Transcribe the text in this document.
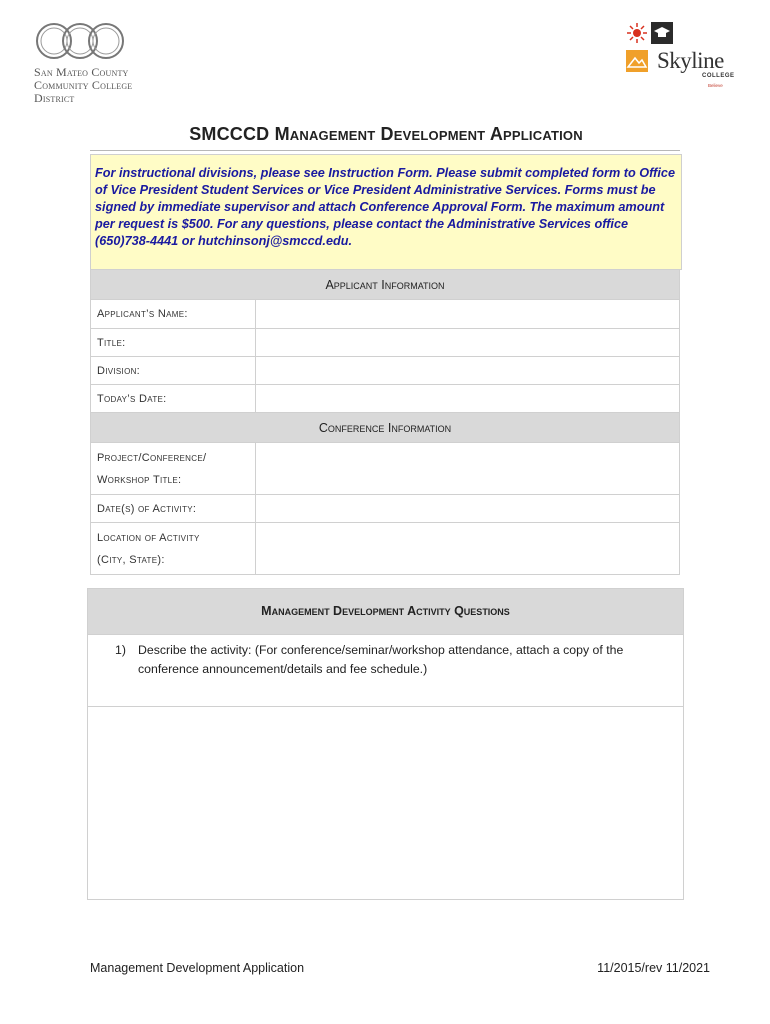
San Mateo County
Community College District
Skyline
COLLEGE
Believe
SMCCCD Management Development Application
For instructional divisions, please see Instruction Form. Please submit completed form to Office of Vice President Student Services or Vice President Administrative Services. Forms must be signed by immediate supervisor and attach Conference Approval Form. The maximum amount per request is $500. For any questions, please contact the Administrative Services office (650)738-4441 or hutchinsonj@smccd.edu.
Applicant Information	
Applicant’s Name:	
Title:	
Division:	
Today’s Date:	
Conference Information	

Project/Conference/
Workshop Title:	

Date(s) of Activity:	

Location of Activity
(City, State):	

Management Development Activity Questions
1) Describe the activity: (For conference/seminar/workshop attendance, attach a copy of the conference announcement/details and fee schedule.)
Management Development Application	11/2015/rev 11/2021
